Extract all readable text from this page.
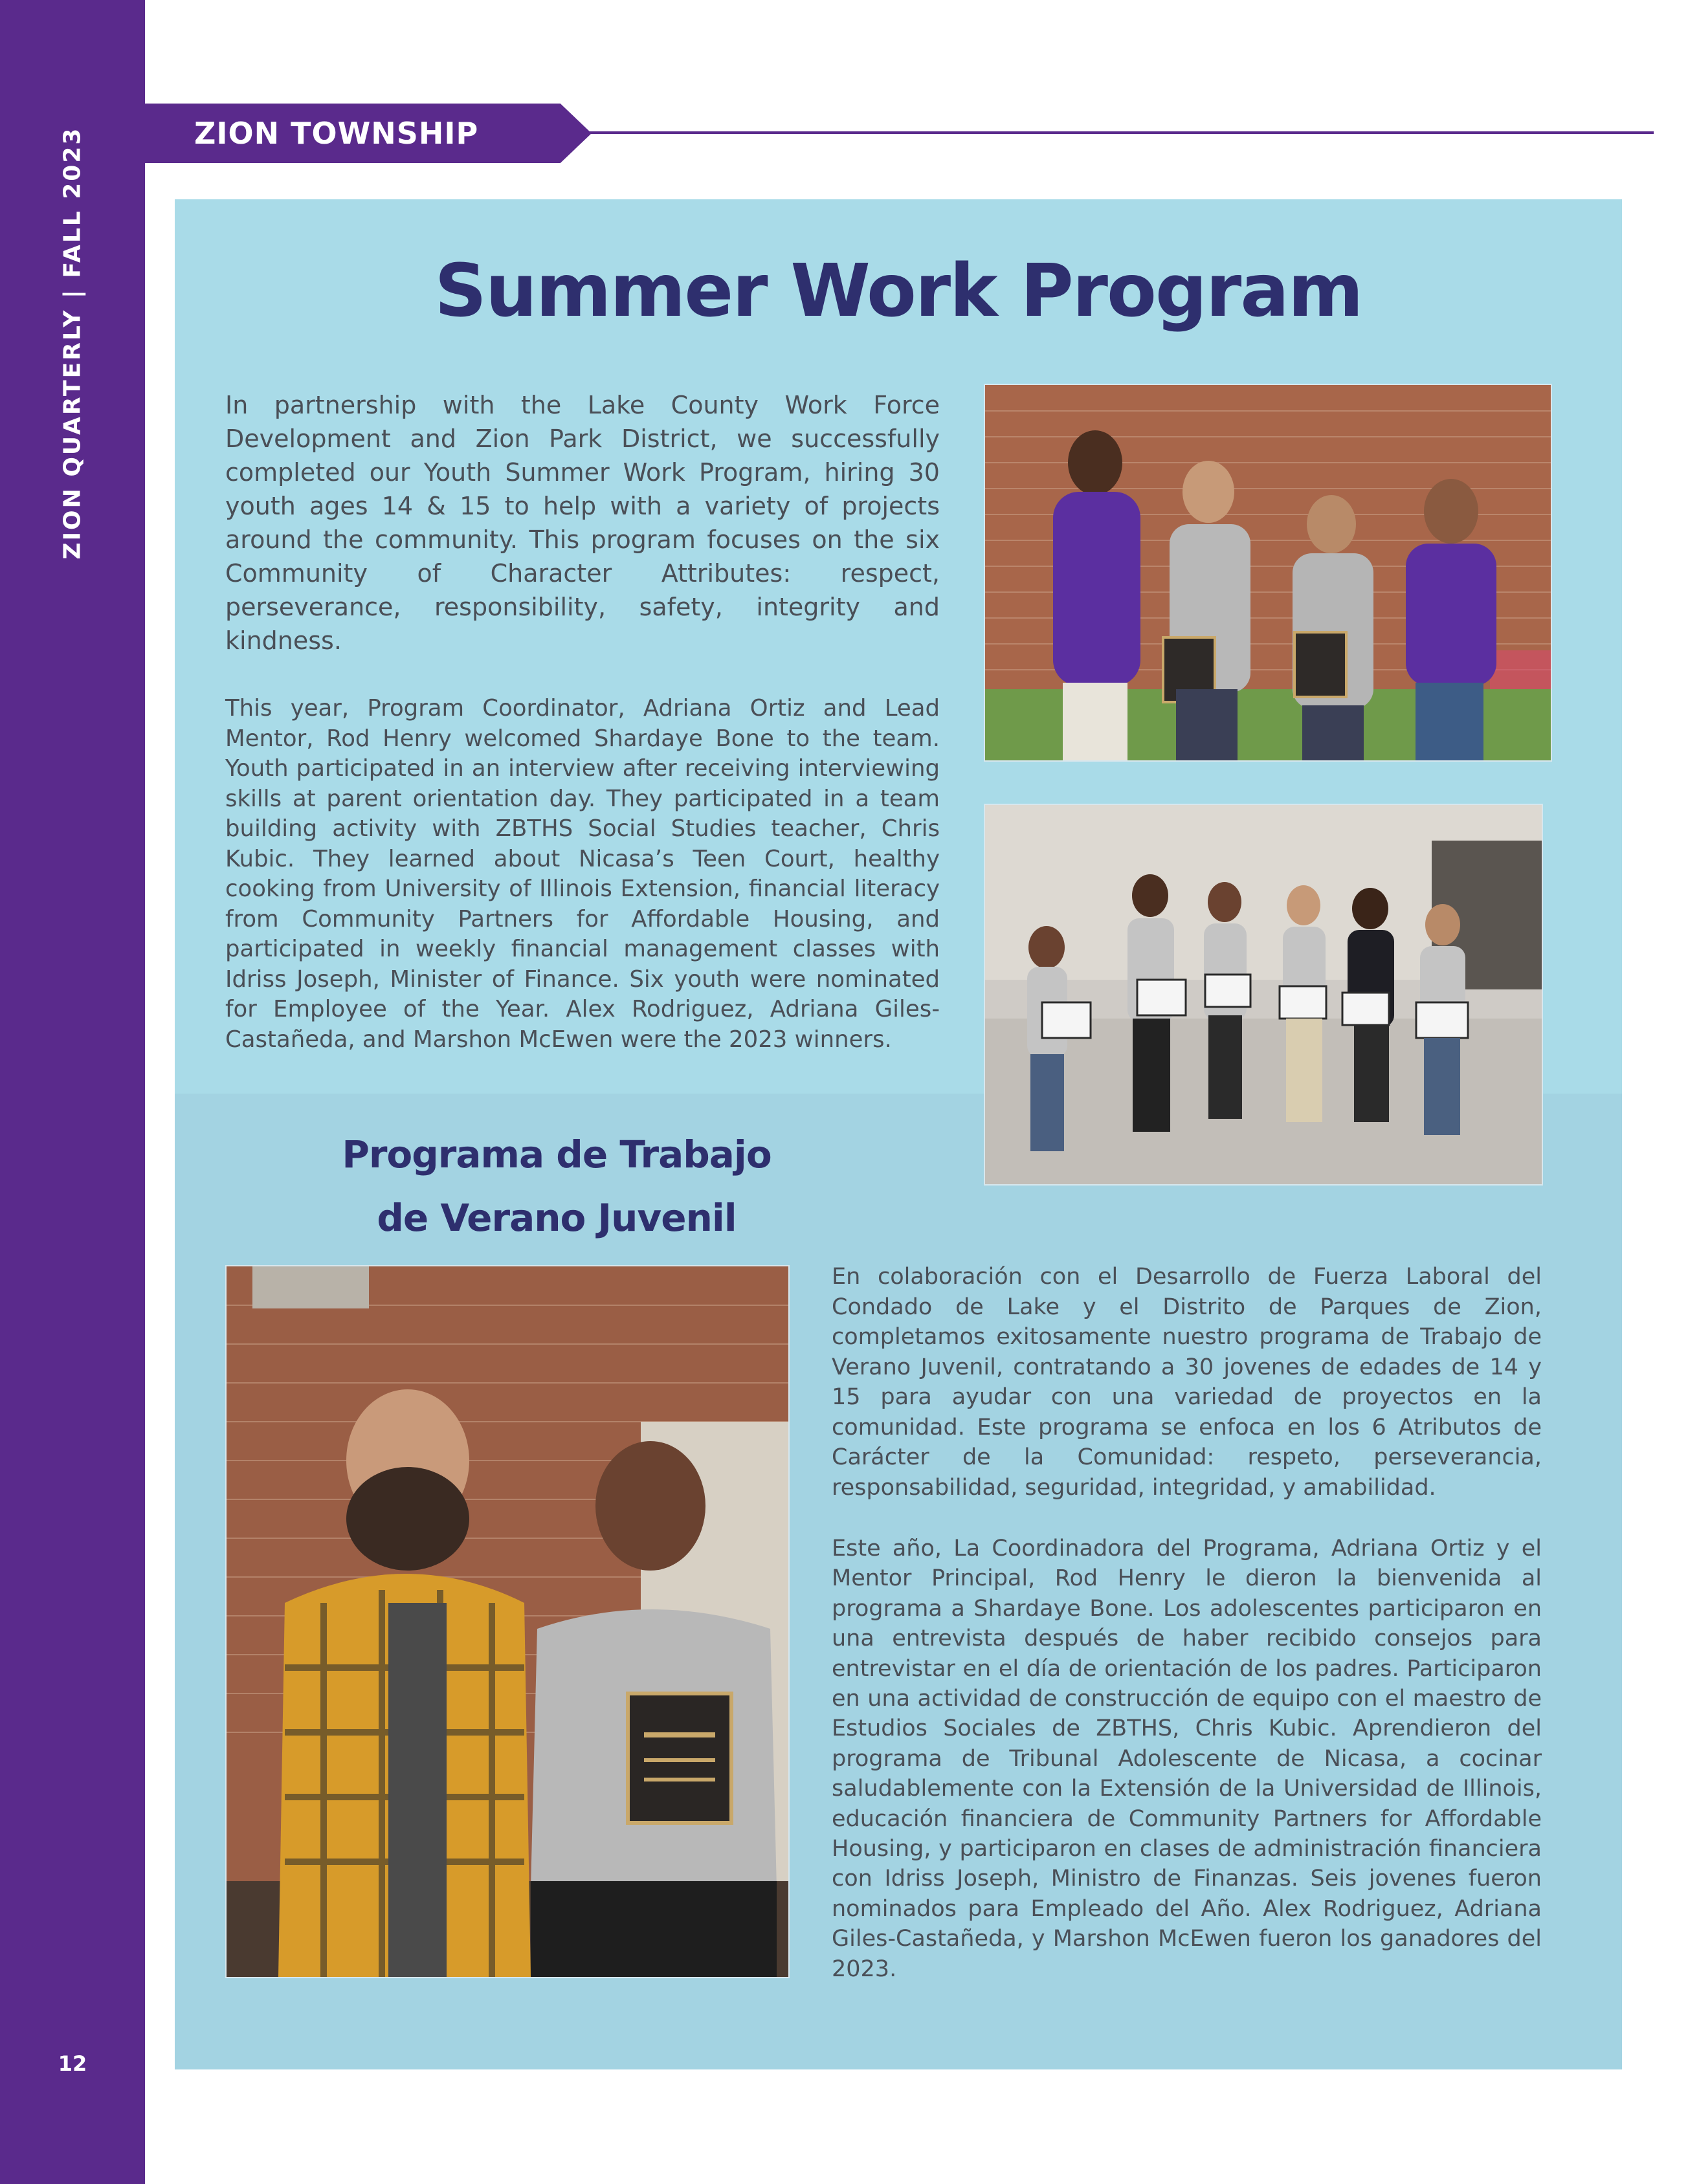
ZION QUARTERLY | FALL 2023
12
ZION TOWNSHIP
Summer Work Program

In partnership with the Lake County Work Force Development and Zion Park District, we successfully completed our Youth Summer Work Program, hiring 30 youth ages 14 & 15 to help with a variety of projects around the community. This program focuses on the six Community of Character Attributes: respect, perseverance, responsibility, safety, integrity and kindness.

This year, Program Coordinator, Adriana Ortiz and Lead Mentor, Rod Henry welcomed Shardaye Bone to the team. Youth participated in an interview after receiving interviewing skills at parent orientation day. They participated in a team building activity with ZBTHS Social Studies teacher, Chris Kubic. They learned about Nicasa’s Teen Court, healthy cooking from University of Illinois Extension, financial literacy from Community Partners for Affordable Housing, and participated in weekly financial management classes with Idriss Joseph, Minister of Finance. Six youth were nominated for Employee of the Year. Alex Rodriguez, Adriana Giles-Castañeda, and Marshon McEwen were the 2023 winners.

Programa de Trabajo
de Verano Juvenil

En colaboración con el Desarrollo de Fuerza Laboral del Condado de Lake y el Distrito de Parques de Zion, completamos exitosamente nuestro programa de Trabajo de Verano Juvenil, contratando a 30 jovenes de edades de 14 y 15 para ayudar con una variedad de proyectos en la comunidad. Este programa se enfoca en los 6 Atributos de Carácter de la Comunidad: respeto, perseverancia, responsabilidad, seguridad, integridad, y amabilidad.

Este año, La Coordinadora del Programa, Adriana Ortiz y el Mentor Principal, Rod Henry le dieron la bienvenida al programa a Shardaye Bone. Los adolescentes participaron en una entrevista después de haber recibido consejos para entrevistar en el día de orientación de los padres. Participaron en una actividad de construcción de equipo con el maestro de Estudios Sociales de ZBTHS, Chris Kubic. Aprendieron del programa de Tribunal Adolescente de Nicasa, a cocinar saludablemente con la Extensión de la Universidad de Illinois, educación financiera de Community Partners for Affordable Housing, y participaron en clases de administración financiera con Idriss Joseph, Ministro de Finanzas. Seis jovenes fueron nominados para Empleado del Año. Alex Rodriguez, Adriana Giles-Castañeda, y Marshon McEwen fueron los ganadores del 2023.
